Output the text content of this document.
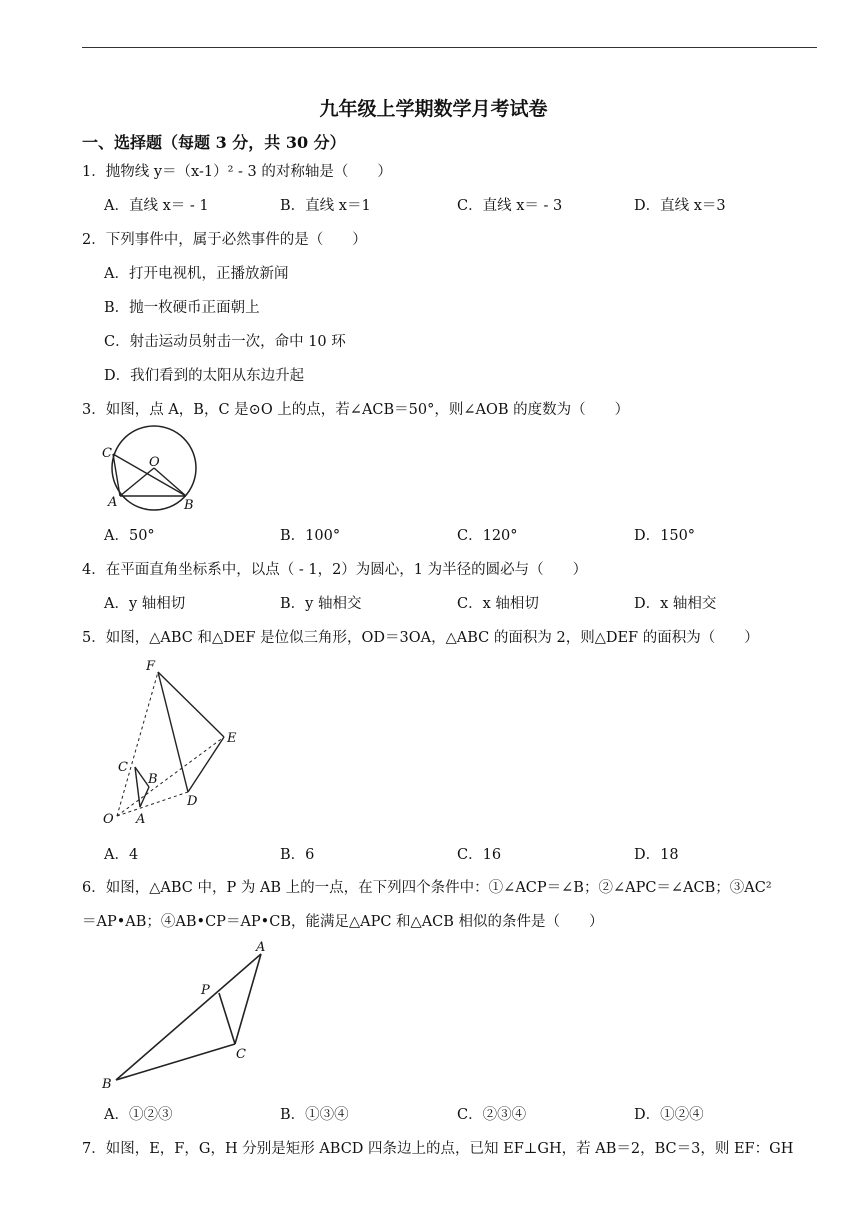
九年级上学期数学月考试卷
一、选择题（每题 3 分，共 30 分）
1．抛物线 y＝（x-1）² - 3 的对称轴是（　　）
A．直线 x＝ - 1	B．直线 x＝1	C．直线 x＝ - 3	D．直线 x＝3
2．下列事件中，属于必然事件的是（　　）
A．打开电视机，正播放新闻
B．抛一枚硬币正面朝上
C．射击运动员射击一次，命中 10 环
D．我们看到的太阳从东边升起
3．如图，点 A，B，C 是⊙O 上的点，若∠ACB＝50°，则∠AOB 的度数为（　　）
C
O
A	B
A．50°	B．100°	C．120°	D．150°
4．在平面直角坐标系中，以点（ - 1，2）为圆心，1 为半径的圆必与（　　）
A．y 轴相切	B．y 轴相交	C．x 轴相切	D．x 轴相交
5．如图，△ABC 和△DEF 是位似三角形，OD＝3OA，△ABC 的面积为 2，则△DEF 的面积为（　　）
F
E
C
B
D
O A
A．4	B．6	C．16	D．18
6．如图，△ABC 中，P 为 AB 上的一点，在下列四个条件中：①∠ACP＝∠B；②∠APC＝∠ACB；③AC²
＝AP•AB；④AB•CP＝AP•CB，能满足△APC 和△ACB 相似的条件是（　　）
A
P
C
B
A．①②③	B．①③④	C．②③④	D．①②④
7．如图，E，F，G，H 分别是矩形 ABCD 四条边上的点，已知 EF⊥GH，若 AB＝2，BC＝3，则 EF：GH
